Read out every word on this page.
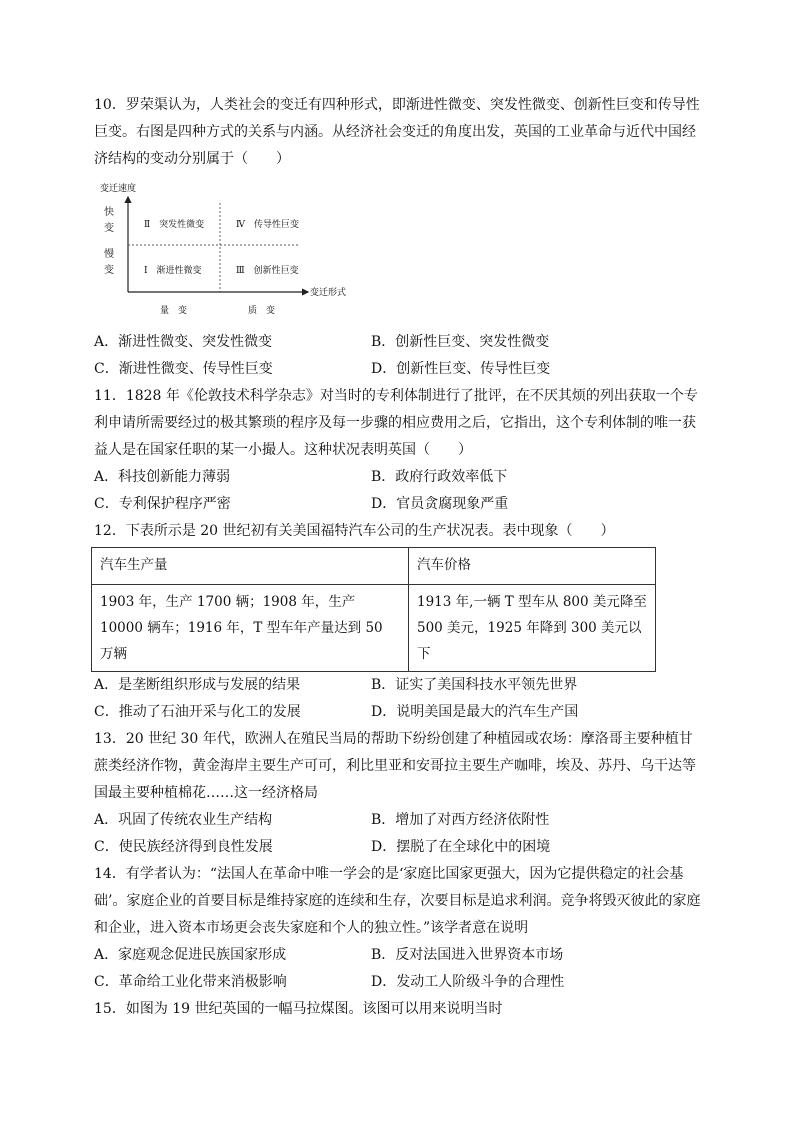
10．罗荣渠认为，人类社会的变迁有四种形式，即渐进性微变、突发性微变、创新性巨变和传导性巨变。右图是四种方式的关系与内涵。从经济社会变迁的角度出发，英国的工业革命与近代中国经济结构的变动分别属于（　　）

变迁速度
快
变
慢
变
Ⅱ　突发性微变	Ⅳ　传导性巨变
Ⅰ　渐进性微变	Ⅲ　创新性巨变
变迁形式
量　变	质　变
A．渐进性微变、突发性微变	B．创新性巨变、突发性微变
C．渐进性微变、传导性巨变	D．创新性巨变、传导性巨变

11．1828 年《伦敦技术科学杂志》对当时的专利体制进行了批评，在不厌其烦的列出获取一个专利申请所需要经过的极其繁琐的程序及每一步骤的相应费用之后，它指出，这个专利体制的唯一获益人是在国家任职的某一小撮人。这种状况表明英国（　　）

A．科技创新能力薄弱	B．政府行政效率低下
C．专利保护程序严密	D．官员贪腐现象严重

12．下表所示是 20 世纪初有关美国福特汽车公司的生产状况表。表中现象（　　）

汽车生产量	汽车价格
1903 年，生产 1700 辆；1908 年，生产 10000 辆车；1916 年，T 型车年产量达到 50 万辆	1913 年,一辆 T 型车从 800 美元降至 500 美元，1925 年降到 300 美元以下
A．是垄断组织形成与发展的结果	B．证实了美国科技水平领先世界
C．推动了石油开采与化工的发展	D．说明美国是最大的汽车生产国

13．20 世纪 30 年代，欧洲人在殖民当局的帮助下纷纷创建了种植园或农场：摩洛哥主要种植甘蔗类经济作物，黄金海岸主要生产可可，利比里亚和安哥拉主要生产咖啡，埃及、苏丹、乌干达等国最主要种植棉花……这一经济格局

A．巩固了传统农业生产结构	B．增加了对西方经济依附性
C．使民族经济得到良性发展	D．摆脱了在全球化中的困境

14．有学者认为：“法国人在革命中唯一学会的是‘家庭比国家更强大，因为它提供稳定的社会基础’。家庭企业的首要目标是维持家庭的连续和生存，次要目标是追求利润。竞争将毁灭彼此的家庭和企业，进入资本市场更会丧失家庭和个人的独立性。”该学者意在说明

A．家庭观念促进民族国家形成	B．反对法国进入世界资本市场
C．革命给工业化带来消极影响	D．发动工人阶级斗争的合理性

15．如图为 19 世纪英国的一幅马拉煤图。该图可以用来说明当时
